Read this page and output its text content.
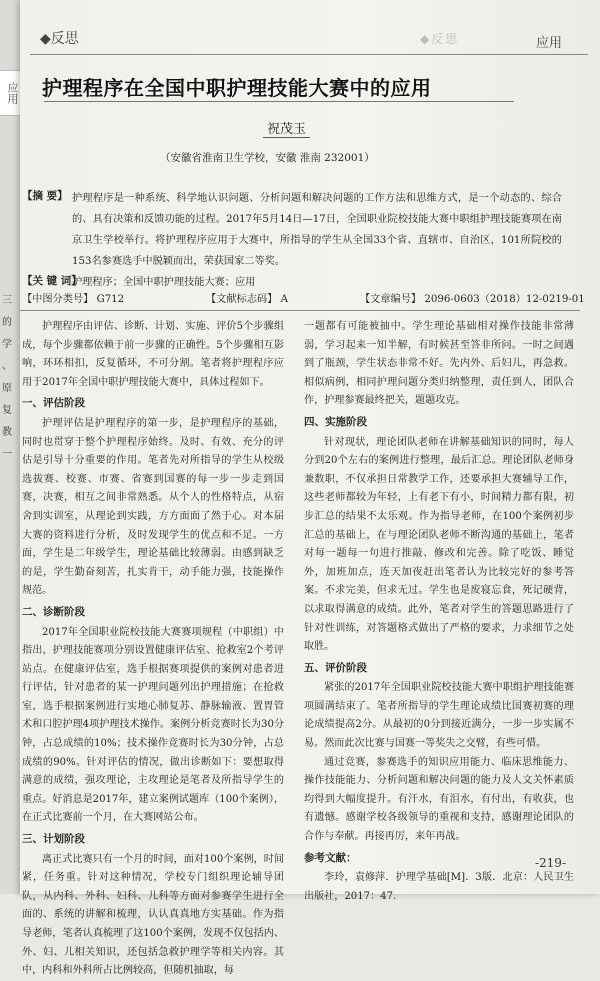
应用
三
的
学
、
原
复
教
一
◆反思	◆反思	应用
护理程序在全国中职护理技能大赛中的应用
祝茂玉
（安徽省淮南卫生学校，安徽 淮南 232001）
【摘 要】 护理程序是一种系统、科学地认识问题、分析问题和解决问题的工作方法和思维方式，是一个动态的、综合的、具有决策和反馈功能的过程。2017年5月14日—17日，全国职业院校技能大赛中职组护理技能赛项在南京卫生学校举行。将护理程序应用于大赛中，所指导的学生从全国33个省、直辖市、自治区，101所院校的153名参赛选手中脱颖而出，荣获国家二等奖。
【关 键 词】
护理程序；全国中职护理技能大赛；应用
【中图分类号】 G712	【文献标志码】 A	【文章编号】 2096-0603（2018）12-0219-01

护理程序由评估、诊断、计划、实施、评价5个步骤组成，每个步骤都依赖于前一步骤的正确性。5个步骤相互影响，环环相扣，反复循环，不可分割。笔者将护理程序应用于2017年全国中职护理技能大赛中，具体过程如下。

一、评估阶段

护理评估是护理程序的第一步，是护理程序的基础，同时也贯穿于整个护理程序始终。及时、有效、充分的评估是引导十分重要的作用。笔者先对所指导的学生从校级选拔赛、校赛、市赛、省赛到国赛的每一步一步走到国赛，决赛，相互之间非常熟悉。从个人的性格特点，从宿舍到实训室，从理论到实践，方方面面了然于心。对本届大赛的资料进行分析，及时发现学生的优点和不足。一方面，学生是二年级学生，理论基础比较薄弱。由感到缺乏的是，学生勤奋刻苦，扎实肯干，动手能力强，技能操作规范。

二、诊断阶段

2017年全国职业院校技能大赛赛项规程（中职组）中指出，护理技能赛项分别设置健康评估室、抢救室2个考评站点。在健康评估室，选手根据赛项提供的案例对患者进行评估，针对患者的某一护理问题列出护理措施；在抢救室，选手根据案例进行实地心肺复苏、静脉输液、置胃管术和口腔护理4项护理技术操作。案例分析竞赛时长为30分钟，占总成绩的10%；技术操作竞赛时长为30分钟，占总成绩的90%。针对评估的情况，做出诊断如下：要想取得满意的成绩，强攻理论，主攻理论是笔者及所指导学生的重点。好消息是2017年，建立案例试题库（100个案例），在正式比赛前一个月，在大赛网站公布。

三、计划阶段

离正式比赛只有一个月的时间，面对100个案例，时间紧，任务重。针对这种情况，学校专门组织理论辅导团队，从内科、外科、妇科、儿科等方面对参赛学生进行全面的、系统的讲解和梳理，认认真真地方实基础。作为指导老师，笔者认真梳理了这100个案例，发现不仅包括内、外、妇、儿相关知识，还包括急救护理学等相关内容。其中，内科和外科所占比例较高，但随机抽取，每

一题都有可能被抽中。学生理论基础相对操作技能非常薄弱，学习起来一知半解，有时候甚至答非所问。一时之间遇到了瓶颈，学生状态非常不好。先内外、后妇儿，再急救。相似病例，相同护理问题分类归纳整理，责任到人，团队合作，护理参赛最终把关，题题攻克。

四、实施阶段

针对现状，理论团队老师在讲解基础知识的同时，每人分到20个左右的案例进行整理，最后汇总。理论团队老师身兼数职，不仅承担日常教学工作，还要承担大赛辅导工作，这些老师都较为年轻，上有老下有小，时间精力都有限，初步汇总的结果不太乐观。作为指导老师，在100个案例初步汇总的基础上，在与理论团队老师不断沟通的基础上，笔者对每一题每一句进行推敲、修改和完善。除了吃饭、睡觉外，加班加点，连天加夜赶出笔者认为比较完好的参考答案。不求完美，但求无过。学生也是废寝忘食，死记硬背，以求取得满意的成绩。此外，笔者对学生的答题思路进行了针对性训练，对答题格式做出了严格的要求，力求细节之处取胜。

五、评价阶段

紧张的2017年全国职业院校技能大赛中职组护理技能赛项圆满结束了。笔者所指导的学生理论成绩比国赛初赛的理论成绩提高2分。从最初的0分到接近满分，一步一步实属不易。然而此次比赛与国赛一等奖失之交臂，有些可惜。

通过竞赛，参赛选手的知识应用能力、临床思维能力、操作技能能力、分析问题和解决问题的能力及人文关怀素质均得到大幅度提升。有汗水，有泪水，有付出，有收获，也有遗憾。感谢学校各级领导的重视和支持，感谢理论团队的合作与奉献。再接再厉，来年再战。

参考文献：

李玲，袁修萍．护理学基础[M]．3版．北京：人民卫生出版社，2017：47.

-219-
